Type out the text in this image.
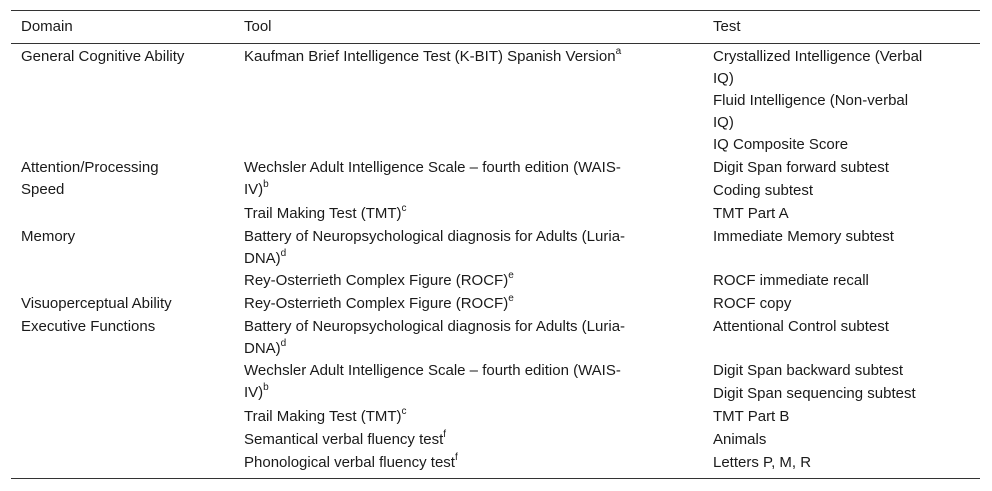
Domain	Tool	Test
General Cognitive Ability
Attention/Processing
Speed
Memory
Visuoperceptual Ability
Executive Functions
Kaufman Brief Intelligence Test (K-BIT) Spanish Version$^a$
Wechsler Adult Intelligence Scale – fourth edition (WAIS-
IV)$^b$
Trail Making Test (TMT)$^c$
Battery of Neuropsychological diagnosis for Adults (Luria-
DNA)$^d$
Rey-Osterrieth Complex Figure (ROCF)$^e$
Rey-Osterrieth Complex Figure (ROCF)$^e$
Battery of Neuropsychological diagnosis for Adults (Luria-
DNA)$^d$
Wechsler Adult Intelligence Scale – fourth edition (WAIS-
IV)$^b$
Trail Making Test (TMT)$^c$
Semantical verbal fluency test$^f$
Phonological verbal fluency test$^f$
Crystallized Intelligence (Verbal
IQ)
Fluid Intelligence (Non-verbal
IQ)
IQ Composite Score
Digit Span forward subtest
Coding subtest
TMT Part A
Immediate Memory subtest
ROCF immediate recall
ROCF copy
Attentional Control subtest
Digit Span backward subtest
Digit Span sequencing subtest
TMT Part B
Animals
Letters P, M, R
